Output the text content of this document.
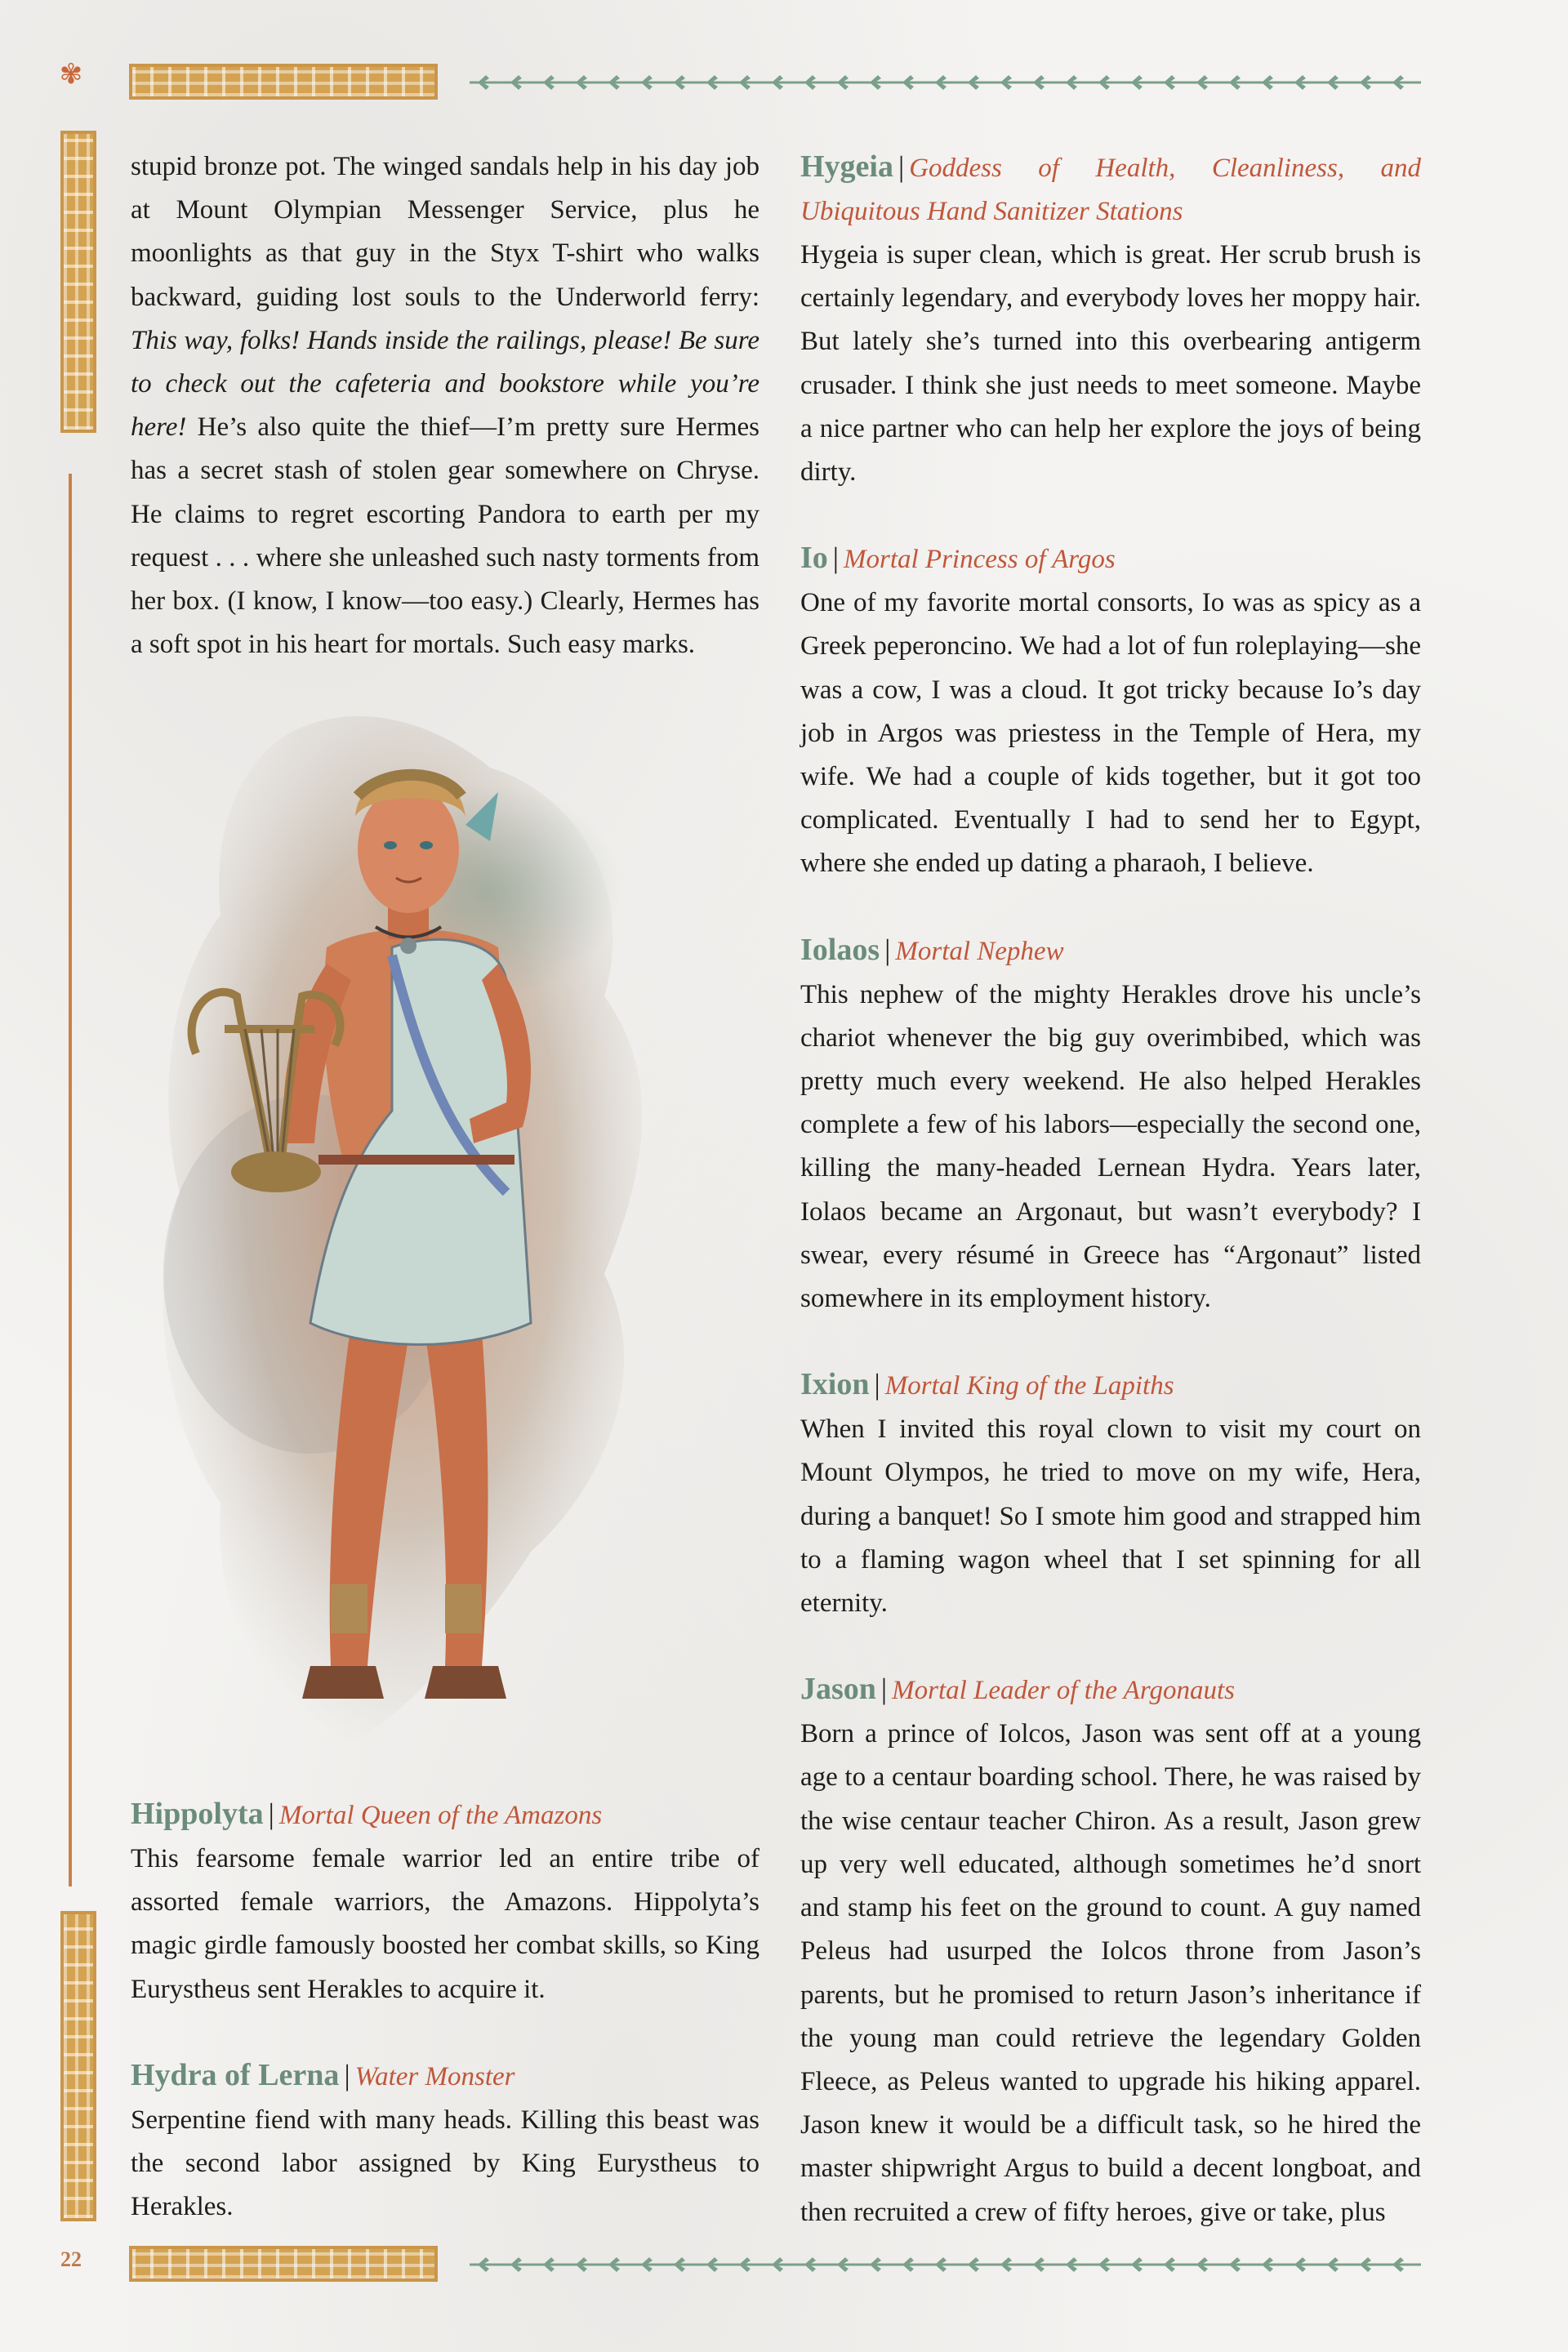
✾
22

stupid bronze pot. The winged sandals help in his day job at Mount Olympian Messenger Service, plus he moonlights as that guy in the Styx T-shirt who walks backward, guiding lost souls to the Underworld ferry: This way, folks! Hands inside the railings, please! Be sure to check out the cafeteria and bookstore while you’re here! He’s also quite the thief—I’m pretty sure Hermes has a secret stash of stolen gear somewhere on Chryse. He claims to regret escorting Pandora to earth per my request . . . where she unleashed such nasty torments from her box. (I know, I know—too easy.) Clearly, Hermes has a soft spot in his heart for mortals. Such easy marks.

Hippolyta | Mortal Queen of the Amazons

This fearsome female warrior led an entire tribe of assorted female warriors, the Amazons. Hippolyta’s magic girdle famously boosted her combat skills, so King Eurystheus sent Herakles to acquire it.

Hydra of Lerna | Water Monster

Serpentine fiend with many heads. Killing this beast was the second labor assigned by King Eurystheus to Herakles.

Hygeia | Goddess of Health, Cleanliness, and Ubiquitous Hand Sanitizer Stations

Hygeia is super clean, which is great. Her scrub brush is certainly legendary, and everybody loves her moppy hair. But lately she’s turned into this overbearing antigerm crusader. I think she just needs to meet someone. Maybe a nice partner who can help her explore the joys of being dirty.

Io | Mortal Princess of Argos

One of my favorite mortal consorts, Io was as spicy as a Greek peperoncino. We had a lot of fun roleplaying—she was a cow, I was a cloud. It got tricky because Io’s day job in Argos was priestess in the Temple of Hera, my wife. We had a couple of kids together, but it got too complicated. Eventually I had to send her to Egypt, where she ended up dating a pharaoh, I believe.

Iolaos | Mortal Nephew

This nephew of the mighty Herakles drove his uncle’s chariot whenever the big guy overimbibed, which was pretty much every weekend. He also helped Herakles complete a few of his labors—especially the second one, killing the many-headed Lernean Hydra. Years later, Iolaos became an Argonaut, but wasn’t everybody? I swear, every résumé in Greece has “Argonaut” listed somewhere in its employment history.

Ixion | Mortal King of the Lapiths

When I invited this royal clown to visit my court on Mount Olympos, he tried to move on my wife, Hera, during a banquet! So I smote him good and strapped him to a flaming wagon wheel that I set spinning for all eternity.

Jason | Mortal Leader of the Argonauts

Born a prince of Iolcos, Jason was sent off at a young age to a centaur boarding school. There, he was raised by the wise centaur teacher Chiron. As a result, Jason grew up very well educated, although sometimes he’d snort and stamp his feet on the ground to count. A guy named Peleus had usurped the Iolcos throne from Jason’s parents, but he promised to return Jason’s inheritance if the young man could retrieve the legendary Golden Fleece, as Peleus wanted to upgrade his hiking apparel. Jason knew it would be a difficult task, so he hired the master shipwright Argus to build a decent longboat, and then recruited a crew of fifty heroes, give or take, plus
